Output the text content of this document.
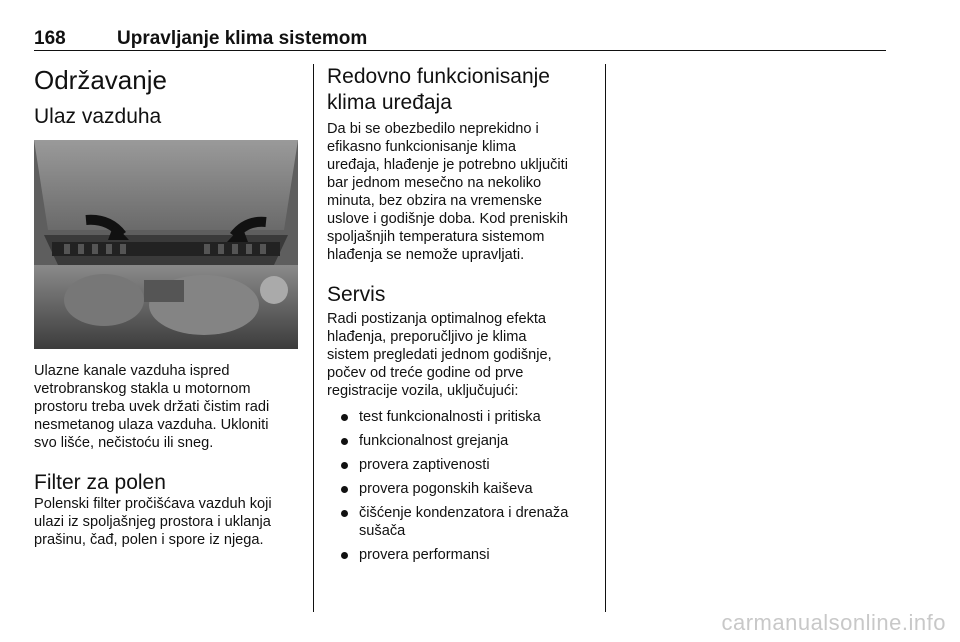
168	Upravljanje klima sistemom
Održavanje
Ulaz vazduha

Ulazne kanale vazduha ispred

vetrobranskog stakla u motornom

prostoru treba uvek držati čistim radi

nesmetanog ulaza vazduha. Ukloniti

svo lišće, nečistoću ili sneg.

Filter za polen

Polenski filter pročišćava vazduh koji

ulazi iz spoljašnjeg prostora i uklanja

prašinu, čađ, polen i spore iz njega.

Redovno funkcionisanje
klima uređaja

Da bi se obezbedilo neprekidno i

efikasno funkcionisanje klima

uređaja, hlađenje je potrebno uključiti

bar jednom mesečno na nekoliko

minuta, bez obzira na vremenske

uslove i godišnje doba. Kod preniskih

spoljašnjih temperatura sistemom

hlađenja se nemože upravljati.

Servis

Radi postizanja optimalnog efekta

hlađenja, preporučljivo je klima

sistem pregledati jednom godišnje,

počev od treće godine od prve

registracije vozila, uključujući:

test funkcionalnosti i pritiska
funkcionalnost grejanja
provera zaptivenosti
provera pogonskih kaiševa
čišćenje kondenzatora i drenaža sušača
provera performansi
carmanualsonline.info
